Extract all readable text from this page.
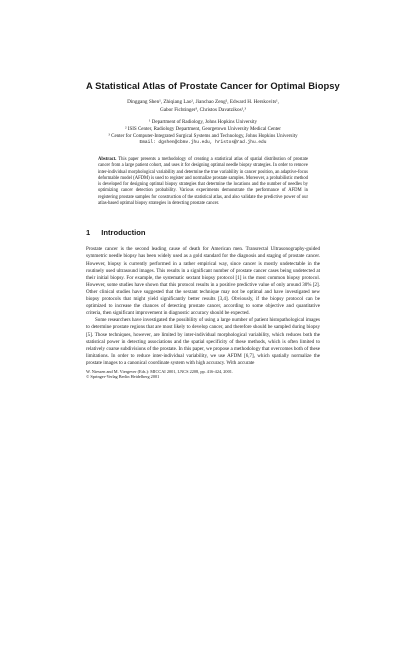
A Statistical Atlas of Prostate Cancer for Optimal Biopsy
Dinggang Shen¹, Zhiqiang Lao¹, Jianchao Zeng², Edward H. Herskovits¹,
Gabor Fichtinger³, Christos Davatzikos¹,³
¹ Department of Radiology, Johns Hopkins University
² ISIS Center, Radiology Department, Georgetown University Medical Center
³ Center for Computer-Integrated Surgical Systems and Technology, Johns Hopkins University
Email: dgshen@cbmv.jhu.edu, hristos@rad.jhu.edu
Abstract. This paper presents a methodology of creating a statistical atlas of spatial distribution of prostate cancer from a large patient cohort, and uses it for designing optimal needle biopsy strategies. In order to remove inter-individual morphological variability and determine the true variability in cancer position, an adaptive-focus deformable model (AFDM) is used to register and normalize prostate samples. Moreover, a probabilistic method is developed for designing optimal biopsy strategies that determine the locations and the number of needles by optimizing cancer detection probability. Various experiments demonstrate the performance of AFDM in registering prostate samples for construction of the statistical atlas, and also validate the predictive power of our atlas-based optimal biopsy strategies in detecting prostate cancer.
1 Introduction

Prostate cancer is the second leading cause of death for American men. Transrectal Ultrasonography-guided symmetric needle biopsy has been widely used as a gold standard for the diagnosis and staging of prostate cancer. However, biopsy is currently performed in a rather empirical way, since cancer is mostly undetectable in the routinely used ultrasound images. This results in a significant number of prostate cancer cases being undetected at their initial biopsy. For example, the systematic sextant biopsy protocol [1] is the most common biopsy protocol. However, some studies have shown that this protocol results in a positive predictive value of only around 30% [2]. Other clinical studies have suggested that the sextant technique may not be optimal and have investigated new biopsy protocols that might yield significantly better results [3,4]. Obviously, if the biopsy protocol can be optimized to increase the chances of detecting prostate cancer, according to some objective and quantitative criteria, then significant improvement in diagnostic accuracy should be expected.

Some researchers have investigated the possibility of using a large number of patient histopathological images to determine prostate regions that are most likely to develop cancer, and therefore should be sampled during biopsy [5]. Those techniques, however, are limited by inter-individual morphological variability, which reduces both the statistical power in detecting associations and the spatial specificity of these methods, which is often limited to relatively coarse subdivisions of the prostate. In this paper, we propose a methodology that overcomes both of these limitations. In order to reduce inter-individual variability, we use AFDM [6,7], which spatially normalize the prostate images to a canonical coordinate system with high accuracy. With accurate

W. Niessen and M. Viergever (Eds.): MICCAI 2001, LNCS 2208, pp. 416-424, 2001.
© Springer-Verlag Berlin Heidelberg 2001
